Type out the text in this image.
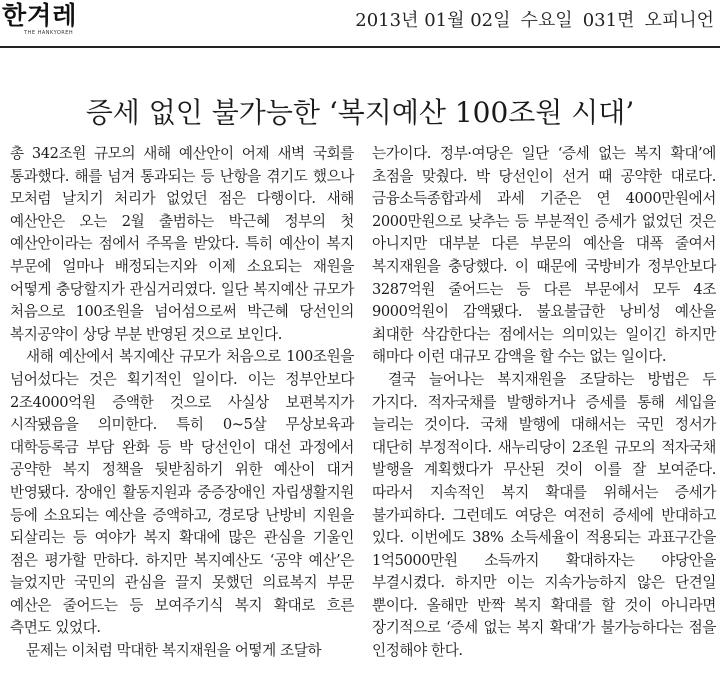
한겨레
THE HANKYOREH
2013년 01월 02일 수요일 031면 오피니언
증세 없인 불가능한 ‘복지예산 100조원 시대’

총 342조원 규모의 새해 예산안이 어제 새벽 국회를 통과했다. 해를 넘겨 통과되는 등 난항을 겪기도 했으나 모처럼 날치기 처리가 없었던 점은 다행이다. 새해 예산안은 오는 2월 출범하는 박근혜 정부의 첫 예산안이라는 점에서 주목을 받았다. 특히 예산이 복지 부문에 얼마나 배정되는지와 이제 소요되는 재원을 어떻게 충당할지가 관심거리였다. 일단 복지예산 규모가 처음으로 100조원을 넘어섬으로써 박근혜 당선인의 복지공약이 상당 부분 반영된 것으로 보인다.

새해 예산에서 복지예산 규모가 처음으로 100조원을 넘어섰다는 것은 획기적인 일이다. 이는 정부안보다 2조4000억원 증액한 것으로 사실상 보편복지가 시작됐음을 의미한다. 특히 0~5살 무상보육과 대학등록금 부담 완화 등 박 당선인이 대선 과정에서 공약한 복지 정책을 뒷받침하기 위한 예산이 대거 반영됐다. 장애인 활동지원과 중증장애인 자립생활지원 등에 소요되는 예산을 증액하고, 경로당 난방비 지원을 되살리는 등 여야가 복지 확대에 많은 관심을 기울인 점은 평가할 만하다. 하지만 복지예산도 ‘공약 예산’은 늘었지만 국민의 관심을 끌지 못했던 의료복지 부문 예산은 줄어드는 등 보여주기식 복지 확대로 흐른 측면도 있었다.

문제는 이처럼 막대한 복지재원을 어떻게 조달하

는가이다. 정부·여당은 일단 ‘증세 없는 복지 확대’에 초점을 맞췄다. 박 당선인이 선거 때 공약한 대로다. 금융소득종합과세 과세 기준은 연 4000만원에서 2000만원으로 낮추는 등 부분적인 증세가 없었던 것은 아니지만 대부분 다른 부문의 예산을 대폭 줄여서 복지재원을 충당했다. 이 때문에 국방비가 정부안보다 3287억원 줄어드는 등 다른 부문에서 모두 4조 9000억원이 감액됐다. 불요불급한 낭비성 예산을 최대한 삭감한다는 점에서는 의미있는 일이긴 하지만 해마다 이런 대규모 감액을 할 수는 없는 일이다.

결국 늘어나는 복지재원을 조달하는 방법은 두 가지다. 적자국채를 발행하거나 증세를 통해 세입을 늘리는 것이다. 국채 발행에 대해서는 국민 정서가 대단히 부정적이다. 새누리당이 2조원 규모의 적자국채 발행을 계획했다가 무산된 것이 이를 잘 보여준다. 따라서 지속적인 복지 확대를 위해서는 증세가 불가피하다. 그런데도 여당은 여전히 증세에 반대하고 있다. 이번에도 38% 소득세율이 적용되는 과표구간을 1억5000만원 소득까지 확대하자는 야당안을 부결시켰다. 하지만 이는 지속가능하지 않은 단견일 뿐이다. 올해만 반짝 복지 확대를 할 것이 아니라면 장기적으로 ‘증세 없는 복지 확대’가 불가능하다는 점을 인정해야 한다.
